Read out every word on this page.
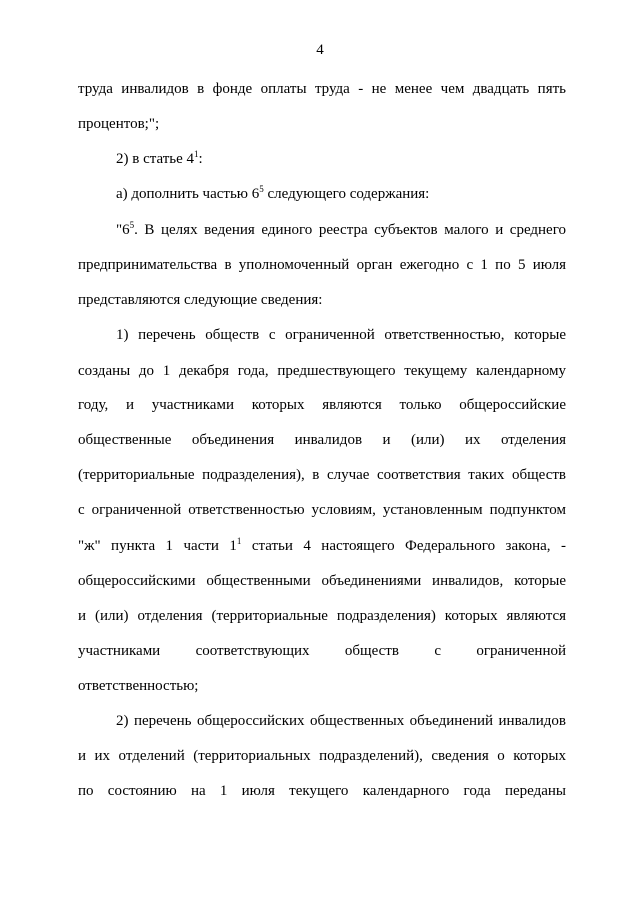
4
труда инвалидов в фонде оплаты труда - не менее чем двадцать пять
процентов;";
2) в статье $4^1$:
а) дополнить частью $6^5$ следующего содержания:
"$6^5$. В целях ведения единого реестра субъектов малого и среднего
предпринимательства в уполномоченный орган ежегодно с 1 по 5 июля
представляются следующие сведения:
1) перечень обществ с ограниченной ответственностью, которые
созданы до 1 декабря года, предшествующего текущему календарному
году, и участниками которых являются только общероссийские
общественные объединения инвалидов и (или) их отделения
(территориальные подразделения), в случае соответствия таких обществ
с ограниченной ответственностью условиям, установленным подпунктом
"ж" пункта 1 части $1^1$ статьи 4 настоящего Федерального закона, -
общероссийскими общественными объединениями инвалидов, которые
и (или) отделения (территориальные подразделения) которых являются
участниками соответствующих обществ с ограниченной
ответственностью;
2) перечень общероссийских общественных объединений инвалидов
и их отделений (территориальных подразделений), сведения о которых
по состоянию на 1 июля текущего календарного года переданы
